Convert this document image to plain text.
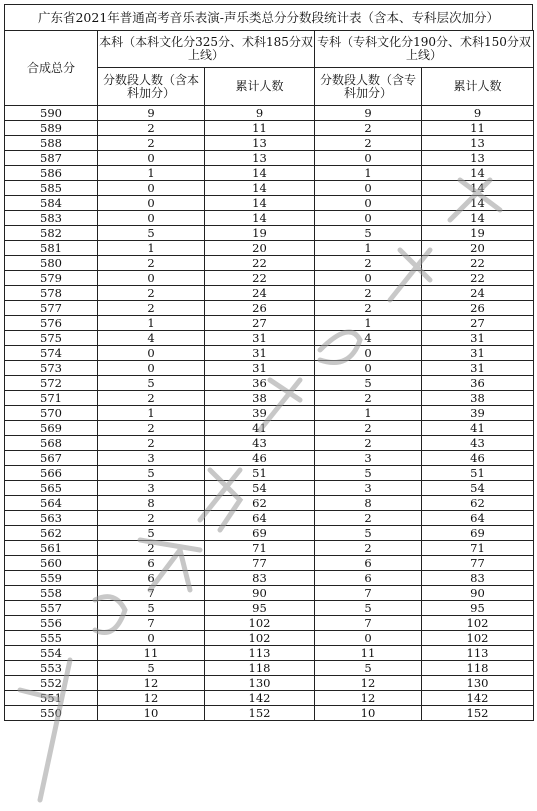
广东省2021年普通高考音乐表演-声乐类总分分数段统计表（含本、专科层次加分）
合成总分	本科（本科文化分325分、术科185分双上线）		专科（专科文化分190分、术科150分双上线）	
	分数段人数（含本科加分）	累计人数	分数段人数（含专科加分）	累计人数
590	9	9	9	9
589	2	11	2	11
588	2	13	2	13
587	0	13	0	13
586	1	14	1	14
585	0	14	0	14
584	0	14	0	14
583	0	14	0	14
582	5	19	5	19
581	1	20	1	20
580	2	22	2	22
579	0	22	0	22
578	2	24	2	24
577	2	26	2	26
576	1	27	1	27
575	4	31	4	31
574	0	31	0	31
573	0	31	0	31
572	5	36	5	36
571	2	38	2	38
570	1	39	1	39
569	2	41	2	41
568	2	43	2	43
567	3	46	3	46
566	5	51	5	51
565	3	54	3	54
564	8	62	8	62
563	2	64	2	64
562	5	69	5	69
561	2	71	2	71
560	6	77	6	77
559	6	83	6	83
558	7	90	7	90
557	5	95	5	95
556	7	102	7	102
555	0	102	0	102
554	11	113	11	113
553	5	118	5	118
552	12	130	12	130
551	12	142	12	142
550	10	152	10	152
